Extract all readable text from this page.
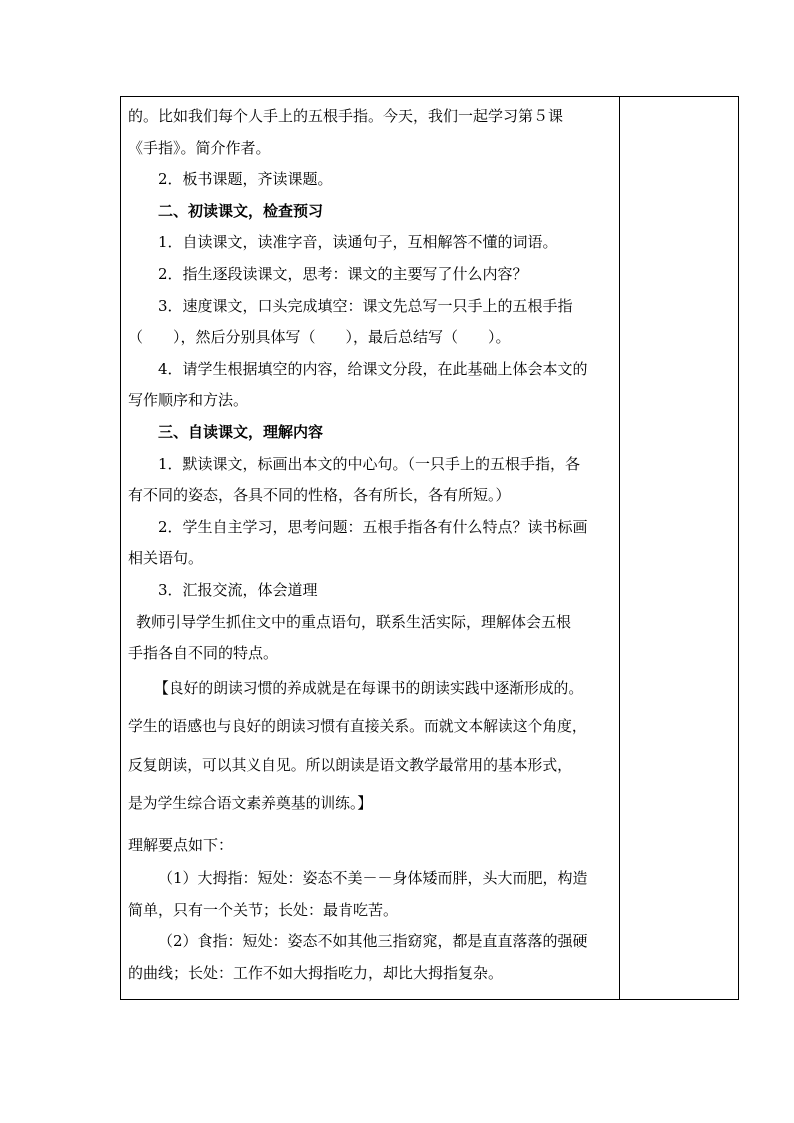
的。比如我们每个人手上的五根手指。今天，我们一起学习第５课
《手指》。简介作者。
2．板书课题，齐读课题。
二、初读课文，检查预习
1．自读课文，读准字音，读通句子，互相解答不懂的词语。
2．指生逐段读课文，思考：课文的主要写了什么内容？
3．速度课文，口头完成填空：课文先总写一只手上的五根手指
（　　），然后分别具体写（　　），最后总结写（　　）。
4．请学生根据填空的内容，给课文分段，在此基础上体会本文的
写作顺序和方法。
三、自读课文，理解内容
1．默读课文，标画出本文的中心句。（一只手上的五根手指，各
有不同的姿态，各具不同的性格，各有所长，各有所短。）
2．学生自主学习，思考问题：五根手指各有什么特点？读书标画
相关语句。
3．汇报交流，体会道理
教师引导学生抓住文中的重点语句，联系生活实际，理解体会五根
手指各自不同的特点。
【良好的朗读习惯的养成就是在每课书的朗读实践中逐渐形成的。
学生的语感也与良好的朗读习惯有直接关系。而就文本解读这个角度，
反复朗读，可以其义自见。所以朗读是语文教学最常用的基本形式，
是为学生综合语文素养奠基的训练。】
理解要点如下：
（1）大拇指：短处：姿态不美－－身体矮而胖，头大而肥，构造
简单，只有一个关节；长处：最肯吃苦。
（2）食指：短处：姿态不如其他三指窈窕，都是直直落落的强硬
的曲线；长处：工作不如大拇指吃力，却比大拇指复杂。
